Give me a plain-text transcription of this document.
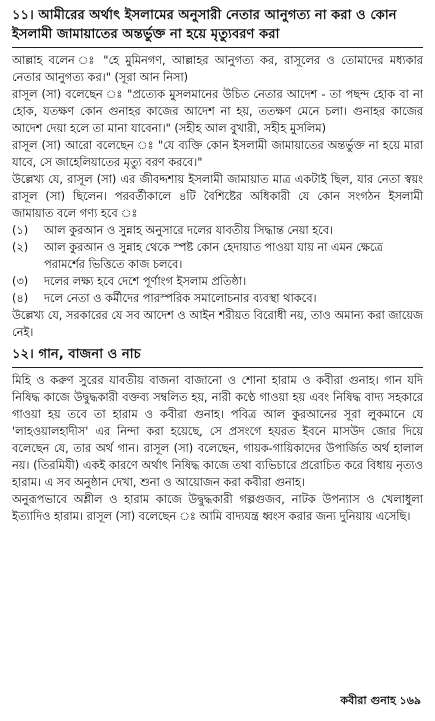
১১। আমীরের অর্থাৎ ইসলামের অনুসারী নেতার আনুগত্য না করা ও কোন ইসলামী জামায়াতের অন্তর্ভুক্ত না হয়ে মৃত্যুবরণ করা

আল্লাহ বলেন ঃ "হে মুমিনগণ, আল্লাহর আনুগত্য কর, রাসূলের ও তোমাদের মধ্যকার নেতার আনুগত্য কর।" (সূরা আন নিসা)

রাসূল (সা) বলেছেন ঃ "প্রত্যেক মুসলমানের উচিত নেতার আদেশ - তা পছন্দ হোক বা না হোক, যতক্ষণ কোন গুনাহর কাজের আদেশ না হয়, ততক্ষণ মেনে চলা। গুনাহর কাজের আদেশ দেয়া হলে তা মানা যাবেনা।" (সহীহ আল বুখারী, সহীহ মুসলিম)

রাসূল (সা) আরো বলেছেন ঃ "যে ব্যক্তি কোন ইসলামী জামায়াতের অন্তর্ভুক্ত না হয়ে মারা যাবে, সে জাহেলিয়াতের মৃত্যু বরণ করবে।"

উল্লেখ্য যে, রাসূল (সা) এর জীবদ্দশায় ইসলামী জামায়াত মাত্র একটাই ছিল, যার নেতা স্বয়ং রাসূল (সা) ছিলেন। পরবর্তীকালে ৪টি বৈশিষ্টের অধিকারী যে কোন সংগঠন ইসলামী জামায়াত বলে গণ্য হবে ঃ

(১)	আল কুরআন ও সুন্নাহ অনুসারে দলের যাবতীয় সিদ্ধান্ত নেয়া হবে।
(২)	আল কুরআন ও সুন্নাহ থেকে স্পষ্ট কোন হেদায়াত পাওয়া যায় না এমন ক্ষেত্রে পরামর্শের ভিত্তিতে কাজ চলবে।
(৩)	দলের লক্ষ্য হবে দেশে পূর্ণাংগ ইসলাম প্রতিষ্ঠা।
(৪)	দলে নেতা ও কর্মীদের পারস্পরিক সমালোচনার ব্যবস্থা থাকবে।

উল্লেখ্য যে, সরকারের যে সব আদেশ ও আইন শরীয়ত বিরোধী নয়, তাও অমান্য করা জায়েজ নেই।

১২। গান, বাজনা ও নাচ

মিহি ও করুণ সুরের যাবতীয় বাজনা বাজানো ও শোনা হারাম ও কবীরা গুনাহ। গান যদি নিষিদ্ধ কাজে উদ্বুদ্ধকারী বক্তব্য সম্বলিত হয়, নারী কণ্ঠে গাওয়া হয় এবং নিষিদ্ধ বাদ্য সহকারে গাওয়া হয় তবে তা হারাম ও কবীরা গুনাহ। পবিত্র আল কুরআনের সূরা লুকমানে যে 'লাহওয়ালহাদীস' এর নিন্দা করা হয়েছে, সে প্রসংগে হযরত ইবনে মাসউদ জোর দিয়ে বলেছেন যে, তার অর্থ গান। রাসূল (সা) বলেছেন, গায়ক-গায়িকাদের উপার্জিত অর্থ হালাল নয়। (তিরমিযী) একই কারণে অর্থাৎ নিষিদ্ধ কাজে তথা ব্যভিচারে প্ররোচিত করে বিধায় নৃত্যও হারাম। এ সব অনুষ্ঠান দেখা, শুনা ও আয়োজন করা কবীরা গুনাহ।

অনুরূপভাবে অশ্লীল ও হারাম কাজে উদ্বুদ্ধকারী গল্পগুজব, নাটক উপন্যাস ও খেলাধুলা ইত্যাদিও হারাম। রাসূল (সা) বলেছেন ঃ আমি বাদ্যযন্ত্র ধ্বংস করার জন্য দুনিয়ায় এসেছি।

কবীরা গুনাহ ১৬৯
